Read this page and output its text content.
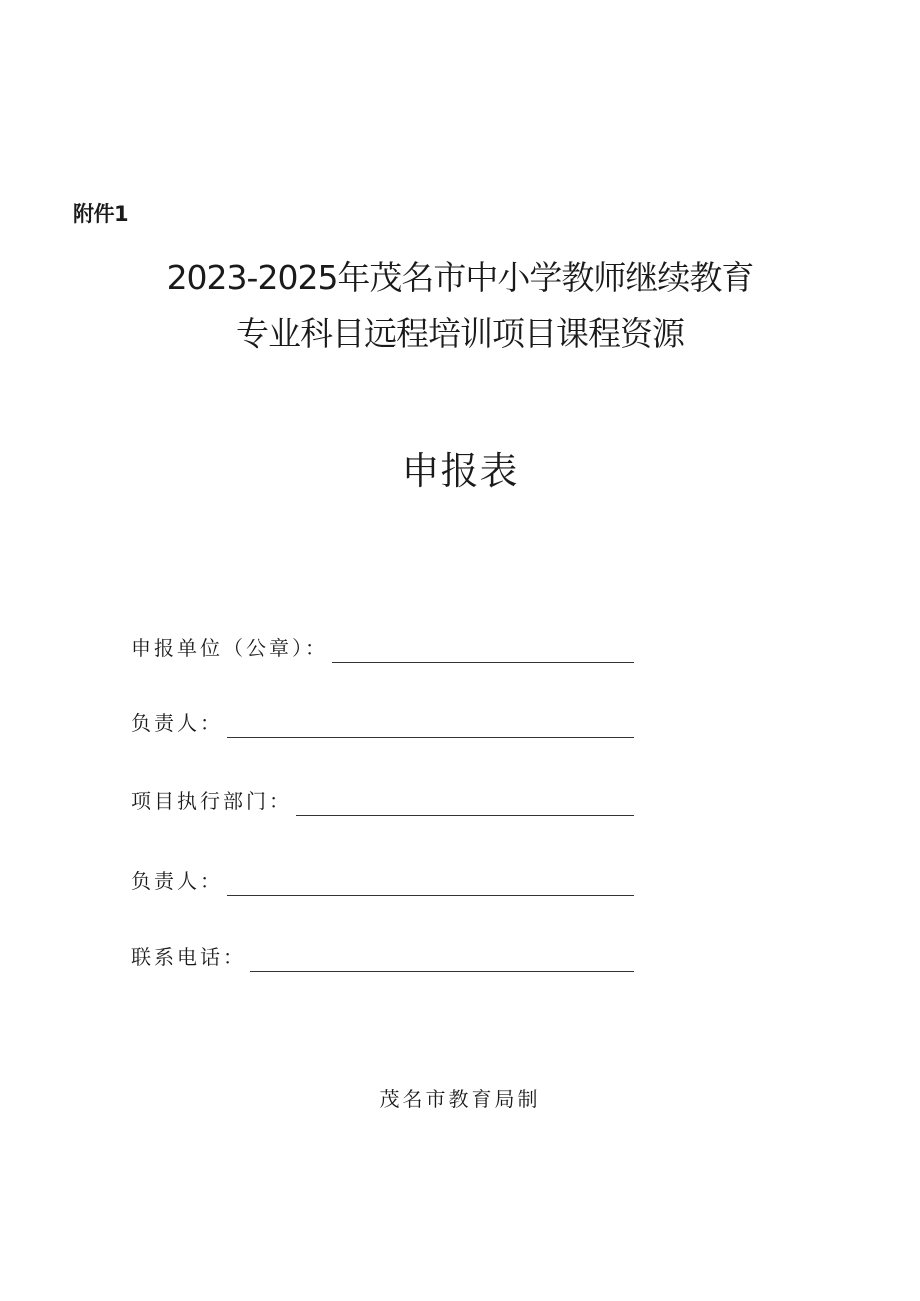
附件1
2023-2025年茂名市中小学教师继续教育
专业科目远程培训项目课程资源
申报表
申报单位（公章）：
负责人：
项目执行部门：
负责人：
联系电话：
茂名市教育局制
